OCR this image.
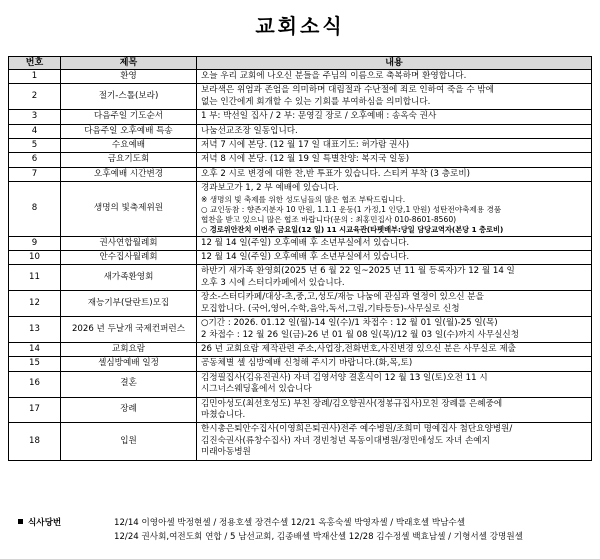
교회소식
번호	제목	내용
1	환영	오늘 우리 교회에 나오신 분들을 주님의 이름으로 축복하며 환영합니다.

2	절기-스톨(보라)	보라색은 위엄과 존엄을 의미하며 대림절과 수난절에 죄로 인하여 죽을 수 밖에
없는 인간에게 회개할 수 있는 기회를 부여하심을 의미합니다.

3	다음주일 기도순서	1 부: 박선일 집사 / 2 부: 문영길 장로 / 오후예배 : 송옥숙 권사

4	다음주일 오후예배 특송	나눔선교조장 일동입니다.

5	수요예배	저녁 7 시에 본당. (12 월 17 일 대표기도: 허가람 권사)

6	금요기도회	저녁 8 시에 본당. (12 월 19 일 특별찬양: 복지국 일동)

7	오후예배 시간변경	오후 2 시로 변경에 대한 찬,반 투표가 있습니다. 스티커 부착 (3 층로비)

8	생명의 빛축제위원	경과보고가 1, 2 부 예배에 있습니다.
※ 생명의 빛 축제를 위한 성도님들의 많은 협조 부탁드립니다.
○ 교인동참 : 향존지분자 10 만원, 1.1.1 운동(1 가정,1 인당,1 만원) 성탄전야축제용 경품
협찬을 받고 있으니 많은 협조 바랍니다(문의 : 최홍민집사 010-8601-8560)
○ 경로위안잔치 이번주 금요일(12 일) 11 시교육관(타펫배부:당일 담당교역자(본당 1 층로비)

9	권사연합월례회	12 월 14 일(주일) 오후예배 후 소년부실에서 있습니다.

10	안수집사월례회	12 월 14 일(주일) 오후예배 후 소년부실에서 있습니다.

11	새가족환영회	하반기 새가족 환영회(2025 년 6 월 22 일~2025 년 11 월 등록자)가 12 월 14 일
오후 3 시에 스터디카페에서 있습니다.

12	재능기부(달란트)모집	장소-스터디카페/대상-초,중,고,성도/재능 나눔에 관심과 열정이 있으신 분을
모집합니다. (국어,영어,수학,음악,독서,그림,기타등등)-사무실로 신청

13	2026 년 두날개 국제컨퍼런스	○기간 : 2026. 01.12 일(월)-14 일(수)/1 차접수 : 12 월 01 일(월)-25 일(목)
2 차접수 : 12 월 26 일(금)-26 년 01 월 08 일(목)/12 월 03 일(수)까지 사무실신청

14	교회요람	26 년 교회요람 제작관련 주소,사업장,전화번호,사진변경 있으신 분은 사무실로 제출

15	셀심방예배 일정	공동체별 셀 심방예배 신청해 주시기 바랍니다.(화,목,토)

16	결혼	김정필집사(김유진권사) 자녀 김영서양 결혼식이 12 월 13 일(토)오전 11 시
시그너스웨딩홀에서 있습니다

17	장례	김민아성도(최선호성도) 부친 장례/김오향권사(정봉규집사)모친 장례를 은혜중에
마쳤습니다.

18	입원	한시총은퇴안수집사(이영희은퇴권사)전주 예수병원/조희미 명예집사 첨단요양병원/
김진숙권사(류창수집사) 자녀 경빈청년 목동이대병원/정민애성도 자녀 손예지
미래아동병원
식사당번	12/14 이영아셀 박정현셀 / 정용호셀 장견수셀 12/21 옥홍숙셀 박영자셀 / 박래호셀 박남수셀
12/24 권사회,여전도회 연합 / 5 남선교회, 김종배셀 박재산셀 12/28 김수정셀 백효남셀 / 기형서셀 강명원셀
